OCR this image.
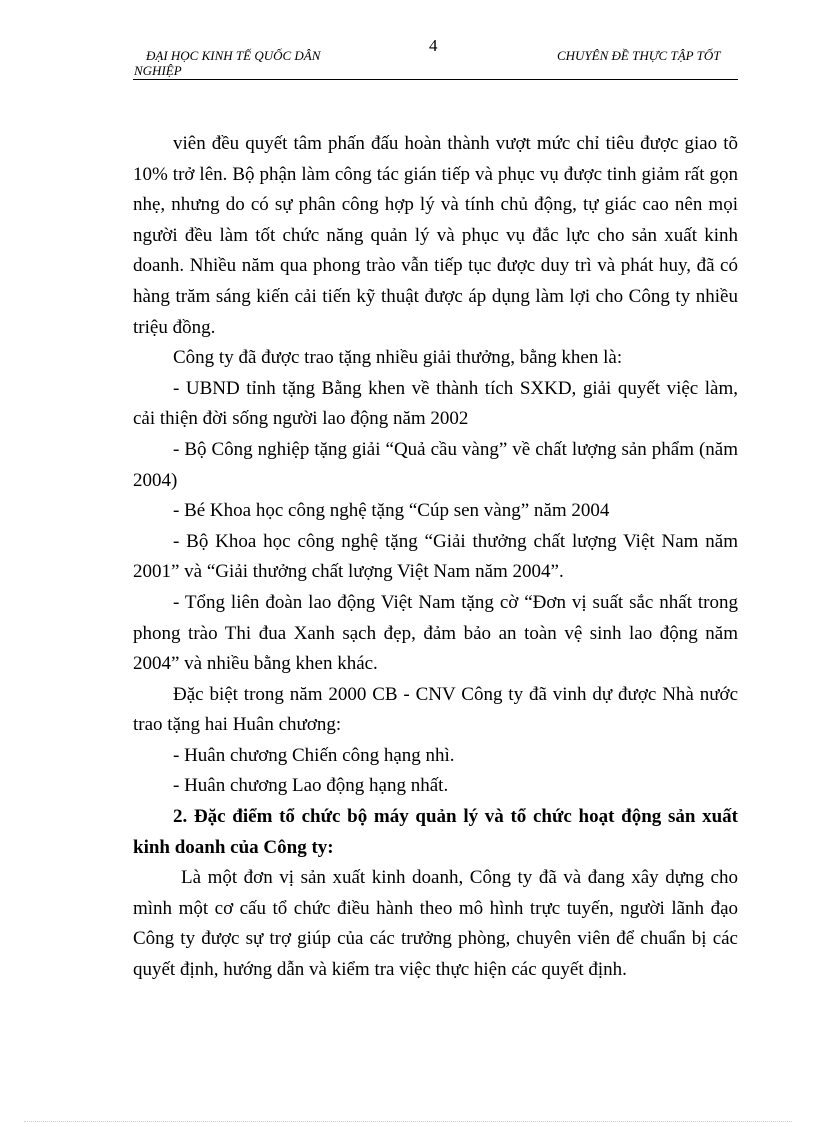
ĐẠI HỌC KINH TẾ QUỐC DÂN
NGHIỆP
4
CHUYÊN ĐỀ THỰC TẬP TỐT

viên đều quyết tâm phấn đấu hoàn thành vượt mức chỉ tiêu được giao tõ 10% trở lên. Bộ phận làm công tác gián tiếp và phục vụ được tinh giảm rất gọn nhẹ, nhưng do có sự phân công hợp lý và tính chủ động, tự giác cao nên mọi người đều làm tốt chức năng quản lý và phục vụ đắc lực cho sản xuất kinh doanh. Nhiều năm qua phong trào vẫn tiếp tục được duy trì và phát huy, đã có hàng trăm sáng kiến cải tiến kỹ thuật được áp dụng làm lợi cho Công ty nhiều triệu đồng.

Công ty đã được trao tặng nhiều giải thưởng, bằng khen là:

- UBND tỉnh tặng Bằng khen về thành tích SXKD, giải quyết việc làm, cải thiện đời sống người lao động năm 2002

- Bộ Công nghiệp tặng giải “Quả cầu vàng” về chất lượng sản phẩm (năm 2004)

- Bé Khoa học công nghệ tặng “Cúp sen vàng” năm 2004

- Bộ Khoa học công nghệ tặng “Giải thưởng chất lượng Việt Nam năm 2001” và “Giải thưởng chất lượng Việt Nam năm 2004”.

- Tổng liên đoàn lao động Việt Nam tặng cờ “Đơn vị suất sắc nhất trong phong trào Thi đua Xanh sạch đẹp, đảm bảo an toàn vệ sinh lao động năm 2004” và nhiều bằng khen khác.

Đặc biệt trong năm 2000 CB - CNV Công ty đã vinh dự được Nhà nước trao tặng hai Huân chương:

- Huân chương Chiến công hạng nhì.

- Huân chương Lao động hạng nhất.

2. Đặc điểm tổ chức bộ máy quản lý và tổ chức hoạt động sản xuất kinh doanh của Công ty:

Là một đơn vị sản xuất kinh doanh, Công ty đã và đang xây dựng cho mình một cơ cấu tổ chức điều hành theo mô hình trực tuyến, người lãnh đạo Công ty được sự trợ giúp của các trưởng phòng, chuyên viên để chuẩn bị các quyết định, hướng dẫn và kiểm tra việc thực hiện các quyết định.
